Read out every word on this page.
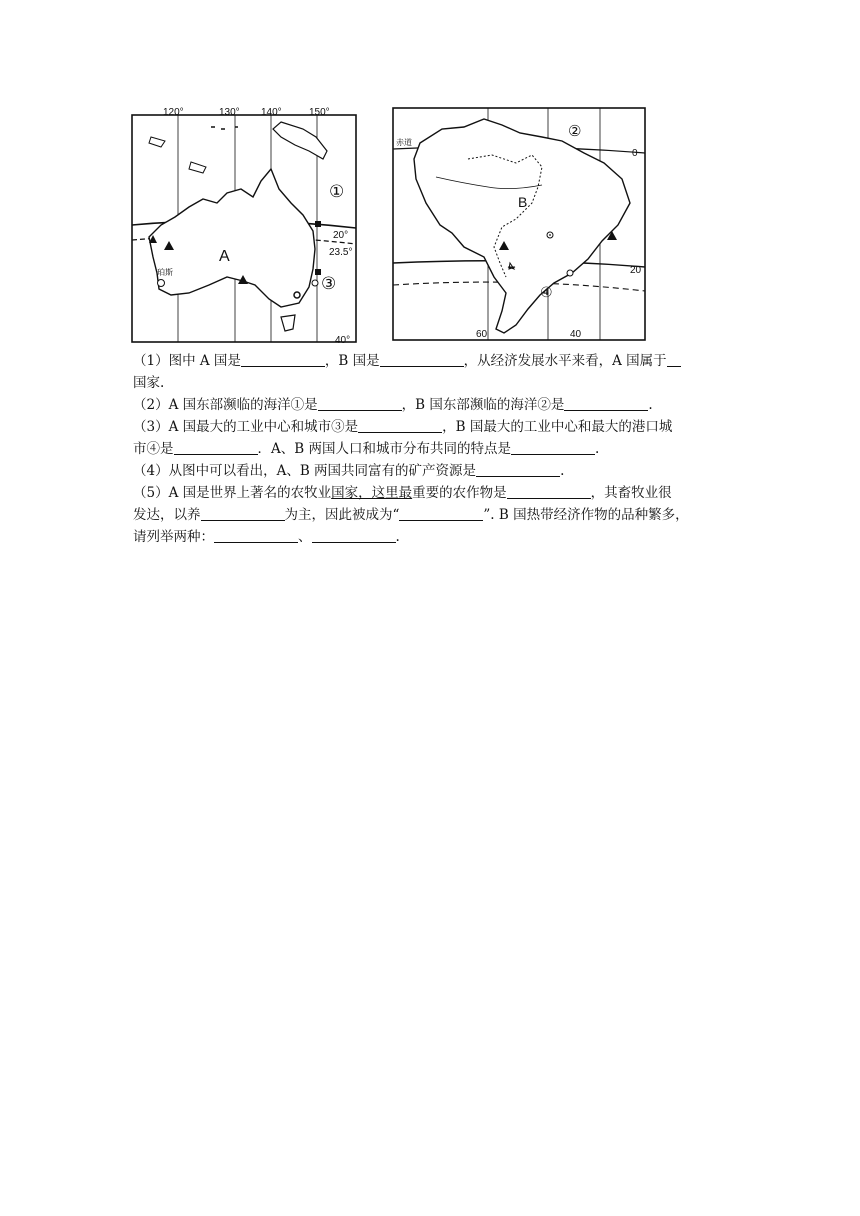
120°	130° 140°	150°
20°
23.5°
40°
A
珀斯
①
③
赤道
0
20
60	40
B
②
④
（1）图中 A 国是	，B 国是	，从经济发展水平来看，A 国属于
国家.
（2）A 国东部濒临的海洋①是	，B 国东部濒临的海洋②是	.
（3）A 国最大的工业中心和城市③是	，B 国最大的工业中心和最大的港口城
市④是	．A、B 两国人口和城市分布共同的特点是	.
（4）从图中可以看出，A、B 两国共同富有的矿产资源是	.
（5）A 国是世界上著名的农牧业国家，这里最重要的农作物是	，其畜牧业很
发达，以养	为主，因此被成为“	”. B 国热带经济作物的品种繁多，
请列举两种：	、	.
